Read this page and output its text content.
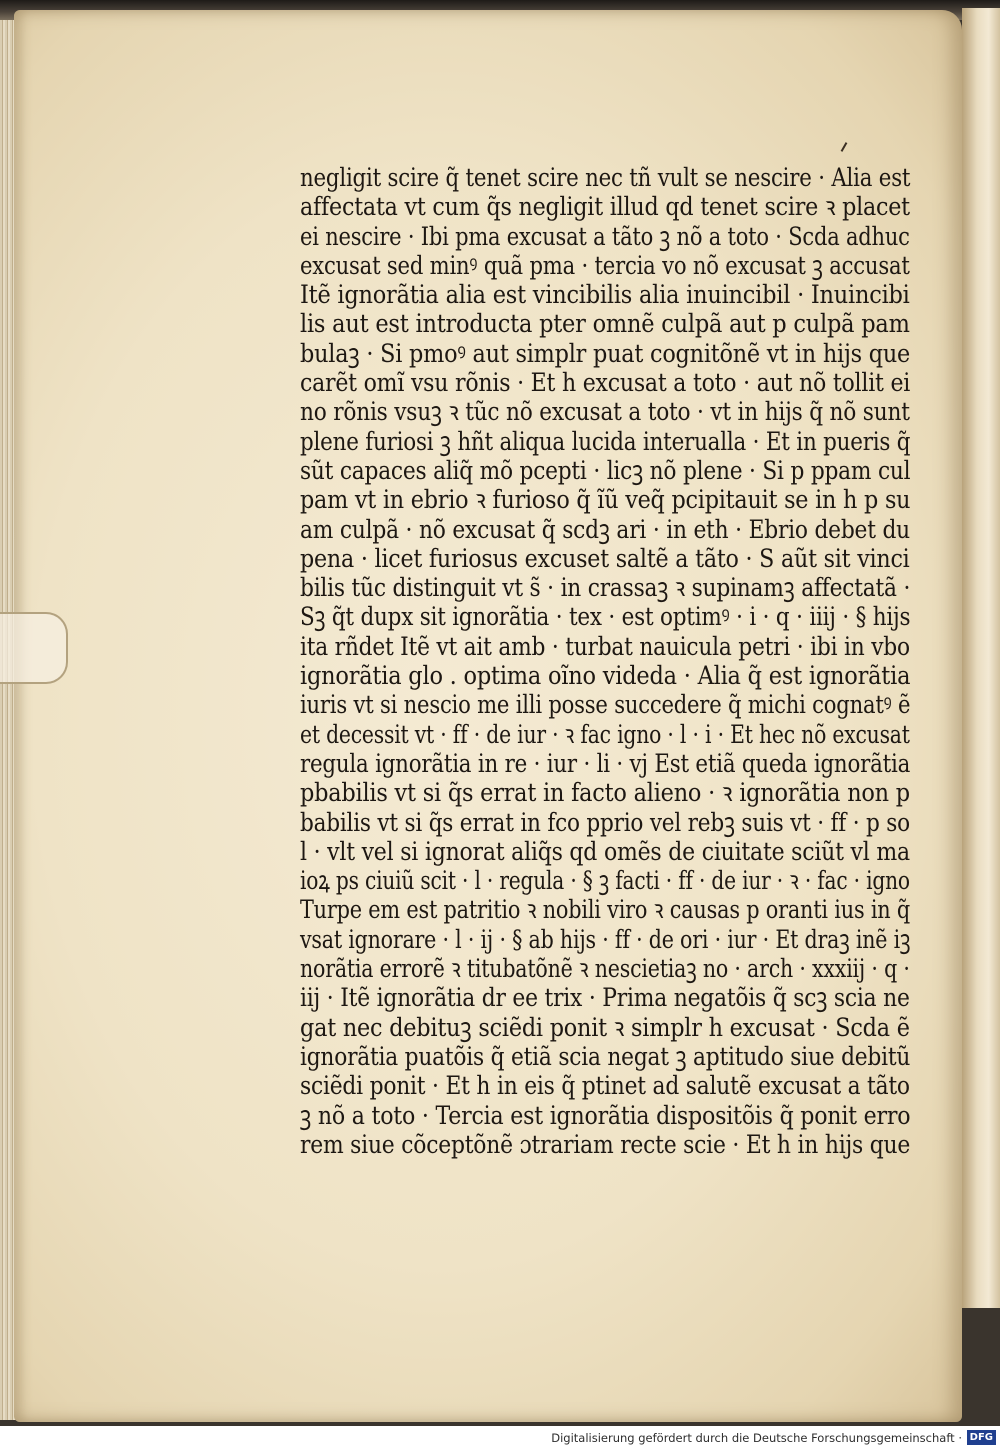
negligit scire q̃ tenet scire nec tñ vult se nescire · Alia est
affectata vt cum q̃s negligit illud qd tenet scire ꝛ placet
ei nescire · Ibi pma excusat a tãto ꝫ nõ a toto · Scda adhuc
excusat sed minꝰ quã pma · tercia vo nõ excusat ꝫ accusat
Itẽ ignorãtia alia est vincibilis alia inuincibil · Inuincibi
lis aut est introducta pter omnẽ culpã aut p culpã pam
bulaꝫ · Si pmoꝰ aut simplr puat cognitõnẽ vt in hijs que
carẽt omĩ vsu rõnis · Et h excusat a toto · aut nõ tollit ei
no rõnis vsuꝫ ꝛ tũc nõ excusat a toto · vt in hijs q̃ nõ sunt
plene furiosi ꝫ hñt aliqua lucida interualla · Et in pueris q̃
sũt capaces aliq̃ mõ pcepti · licꝫ nõ plene · Si p ppam cul
pam vt in ebrio ꝛ furioso q̃ ĩũ veq̃ pcipitauit se in h p su
am culpã · nõ excusat q̃ scdꝫ ari · in eth · Ebrio debet du
pena · licet furiosus excuset saltẽ a tãto · S aũt sit vinci
bilis tũc distinguit vt s̃ · in crassaꝫ ꝛ supinamꝫ affectatã ·
Sꝫ q̃t dupx sit ignorãtia · tex · est optimꝰ · i · q · iiij · § hijs
ita rñdet Itẽ vt ait amb · turbat nauicula petri · ibi in vbo
ignorãtia glo . optima oĩno videda · Alia q̃ est ignorãtia
iuris vt si nescio me illi posse succedere q̃ michi cognatꝰ ẽ
et decessit vt · ff · de iur · ꝛ fac igno · l · i · Et hec nõ excusat
regula ignorãtia in re · iur · li · vj Est etiã queda ignorãtia
pbabilis vt si q̃s errat in facto alieno · ꝛ ignorãtia non p
babilis vt si q̃s errat in fco pprio vel rebꝫ suis vt · ff · p so
l · vlt vel si ignorat aliq̃s qd omẽs de ciuitate sciũt vl ma
ioꝝ ps ciuiũ scit · l · regula · § ꝫ facti · ff · de iur · ꝛ · fac · igno
Turpe em est patritio ꝛ nobili viro ꝛ causas p oranti ius in q̃
vsat ignorare · l · ij · § ab hijs · ff · de ori · iur · Et draꝫ inẽ iꝫ
norãtia errorẽ ꝛ titubatõnẽ ꝛ nescietiaꝫ no · arch · xxxiij · q ·
iij · Itẽ ignorãtia dr ee trix · Prima negatõis q̃ scꝫ scia ne
gat nec debituꝫ sciẽdi ponit ꝛ simplr h excusat · Scda ẽ
ignorãtia puatõis q̃ etiã scia negat ꝫ aptitudo siue debitũ
sciẽdi ponit · Et h in eis q̃ ptinet ad salutẽ excusat a tãto
ꝫ nõ a toto · Tercia est ignorãtia dispositõis q̃ ponit erro
rem siue cõceptõnẽ ɔtrariam recte scie · Et h in hijs que
Digitalisierung gefördert durch die Deutsche Forschungsgemeinschaft · DFG
